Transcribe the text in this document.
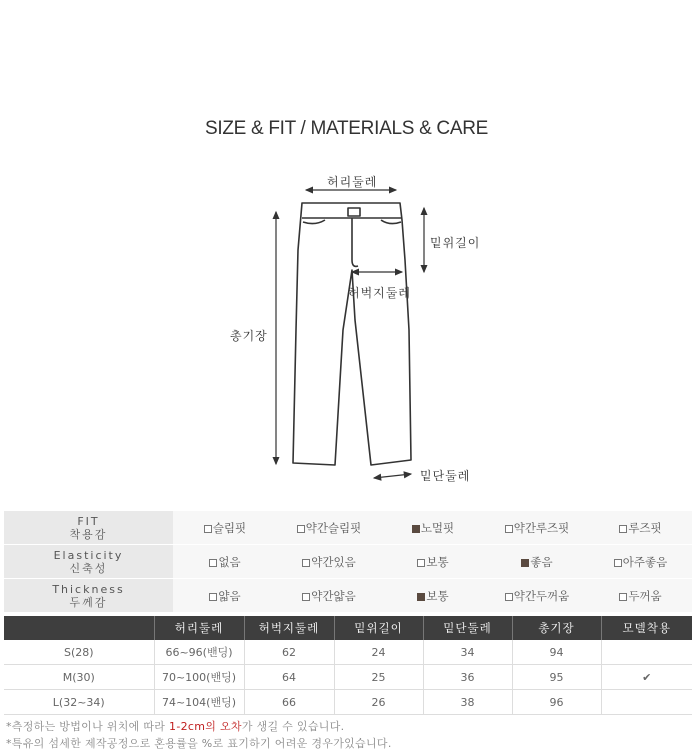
SIZE & FIT / MATERIALS & CARE
허리둘레
밑위길이
허벅지둘레
총기장
밑단둘레
FIT
착용감	슬림핏	약간슬림핏	노멀핏	약간루즈핏	루즈핏

Elasticity
신축성	없음	약간있음	보통	좋음	아주좋음

Thickness
두께감	얇음	약간얇음	보통	약간두꺼움	두꺼움
	허리둘레	허벅지둘레	밑위길이	밑단둘레	총기장	모델착용
S(28)	66~96(밴딩)	62	24	34	94	
M(30)	70~100(밴딩)	64	25	36	95	✔
L(32~34)	74~104(밴딩)	66	26	38	96	
*측정하는 방법이나 위치에 따라 1-2cm의 오차가 생길 수 있습니다.
*특유의 섬세한 제작공정으로 혼용률을 %로 표기하기 어려운 경우가있습니다.
